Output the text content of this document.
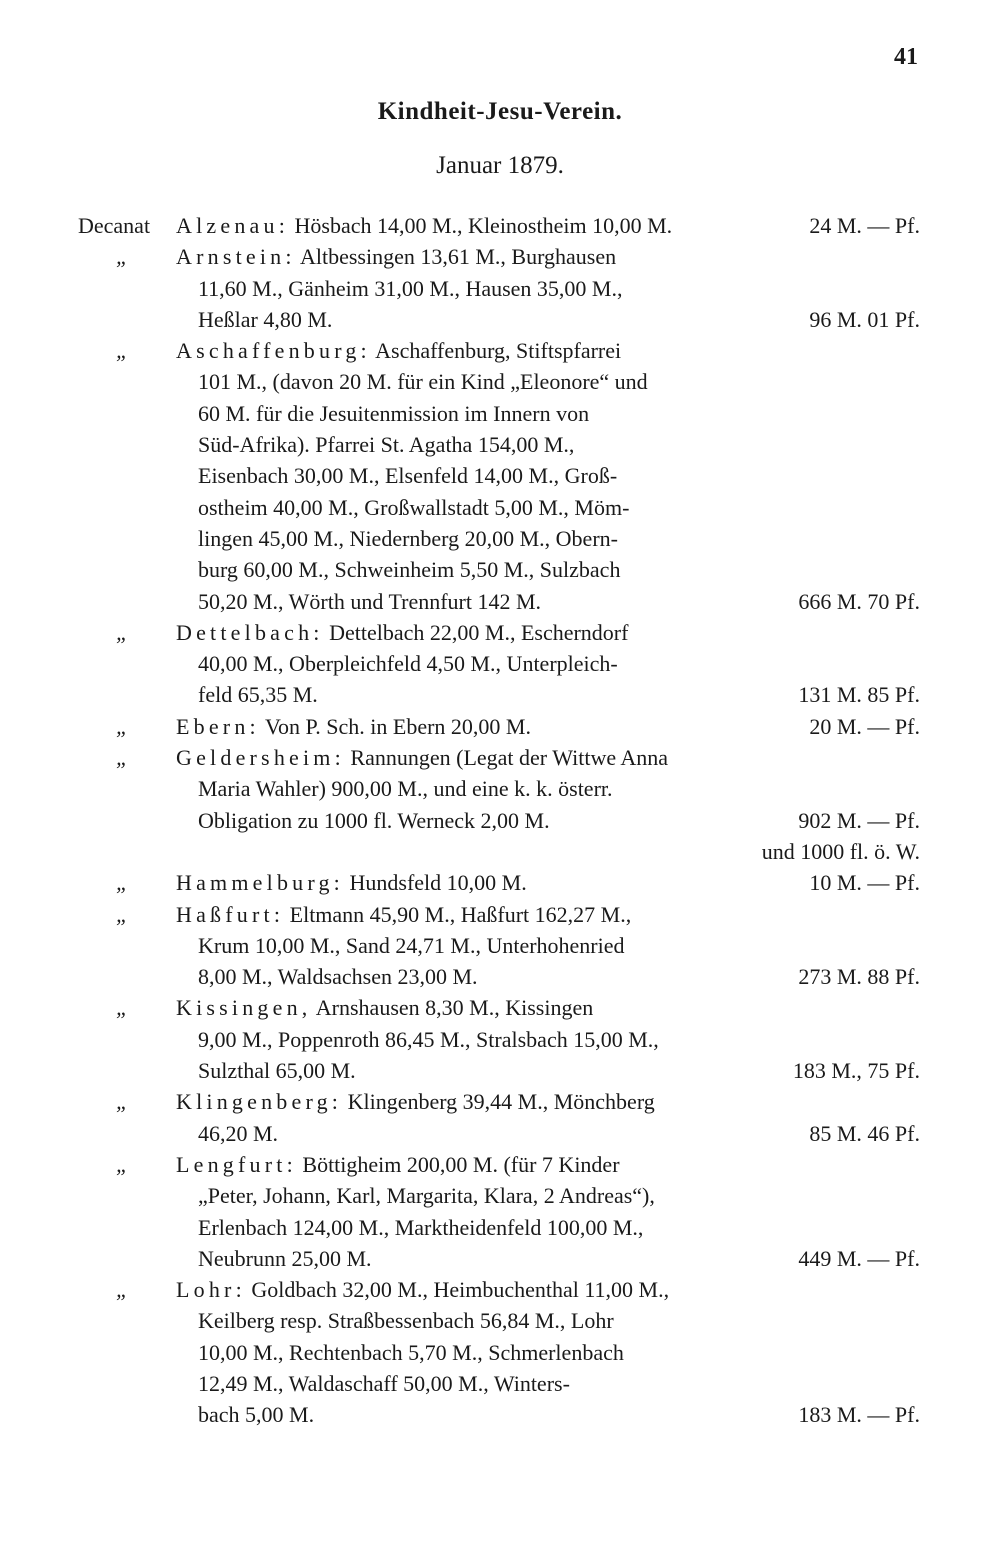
41
Kindheit-Jesu-Verein.
Januar 1879.
Decanat Alzenau: Hösbach 14,00 M., Kleinostheim 10,00 M.	24 M. — Pf.
„ Arnstein: Altbessingen 13,61 M., Burghausen
11,60 M., Gänheim 31,00 M., Hausen 35,00 M.,
Heßlar 4,80 M.	96 M. 01 Pf.
„ Aschaffenburg: Aschaffenburg, Stiftspfarrei
101 M., (davon 20 M. für ein Kind „Eleonore“ und
60 M. für die Jesuitenmission im Innern von
Süd-Afrika). Pfarrei St. Agatha 154,00 M.,
Eisenbach 30,00 M., Elsenfeld 14,00 M., Groß-
ostheim 40,00 M., Großwallstadt 5,00 M., Möm-
lingen 45,00 M., Niedernberg 20,00 M., Obern-
burg 60,00 M., Schweinheim 5,50 M., Sulzbach
50,20 M., Wörth und Trennfurt 142 M.	666 M. 70 Pf.
„ Dettelbach: Dettelbach 22,00 M., Escherndorf
40,00 M., Oberpleichfeld 4,50 M., Unterpleich-
feld 65,35 M.	131 M. 85 Pf.
„ Ebern: Von P. Sch. in Ebern 20,00 M.	20 M. — Pf.
„ Geldersheim: Rannungen (Legat der Wittwe Anna
Maria Wahler) 900,00 M., und eine k. k. österr.
Obligation zu 1000 fl. Werneck 2,00 M.	902 M. — Pf.
und 1000 fl. ö. W.
„ Hammelburg: Hundsfeld 10,00 M.	10 M. — Pf.
„ Haßfurt: Eltmann 45,90 M., Haßfurt 162,27 M.,
Krum 10,00 M., Sand 24,71 M., Unterhohenried
8,00 M., Waldsachsen 23,00 M.	273 M. 88 Pf.
„ Kissingen, Arnshausen 8,30 M., Kissingen
9,00 M., Poppenroth 86,45 M., Stralsbach 15,00 M.,
Sulzthal 65,00 M.	183 M., 75 Pf.
„ Klingenberg: Klingenberg 39,44 M., Mönchberg
46,20 M.	85 M. 46 Pf.
„ Lengfurt: Böttigheim 200,00 M. (für 7 Kinder
„Peter, Johann, Karl, Margarita, Klara, 2 Andreas“),
Erlenbach 124,00 M., Marktheidenfeld 100,00 M.,
Neubrunn 25,00 M.	449 M. — Pf.
„ Lohr: Goldbach 32,00 M., Heimbuchenthal 11,00 M.,
Keilberg resp. Straßbessenbach 56,84 M., Lohr
10,00 M., Rechtenbach 5,70 M., Schmerlenbach
12,49 M., Waldaschaff 50,00 M., Winters-
bach 5,00 M.	183 M. — Pf.
